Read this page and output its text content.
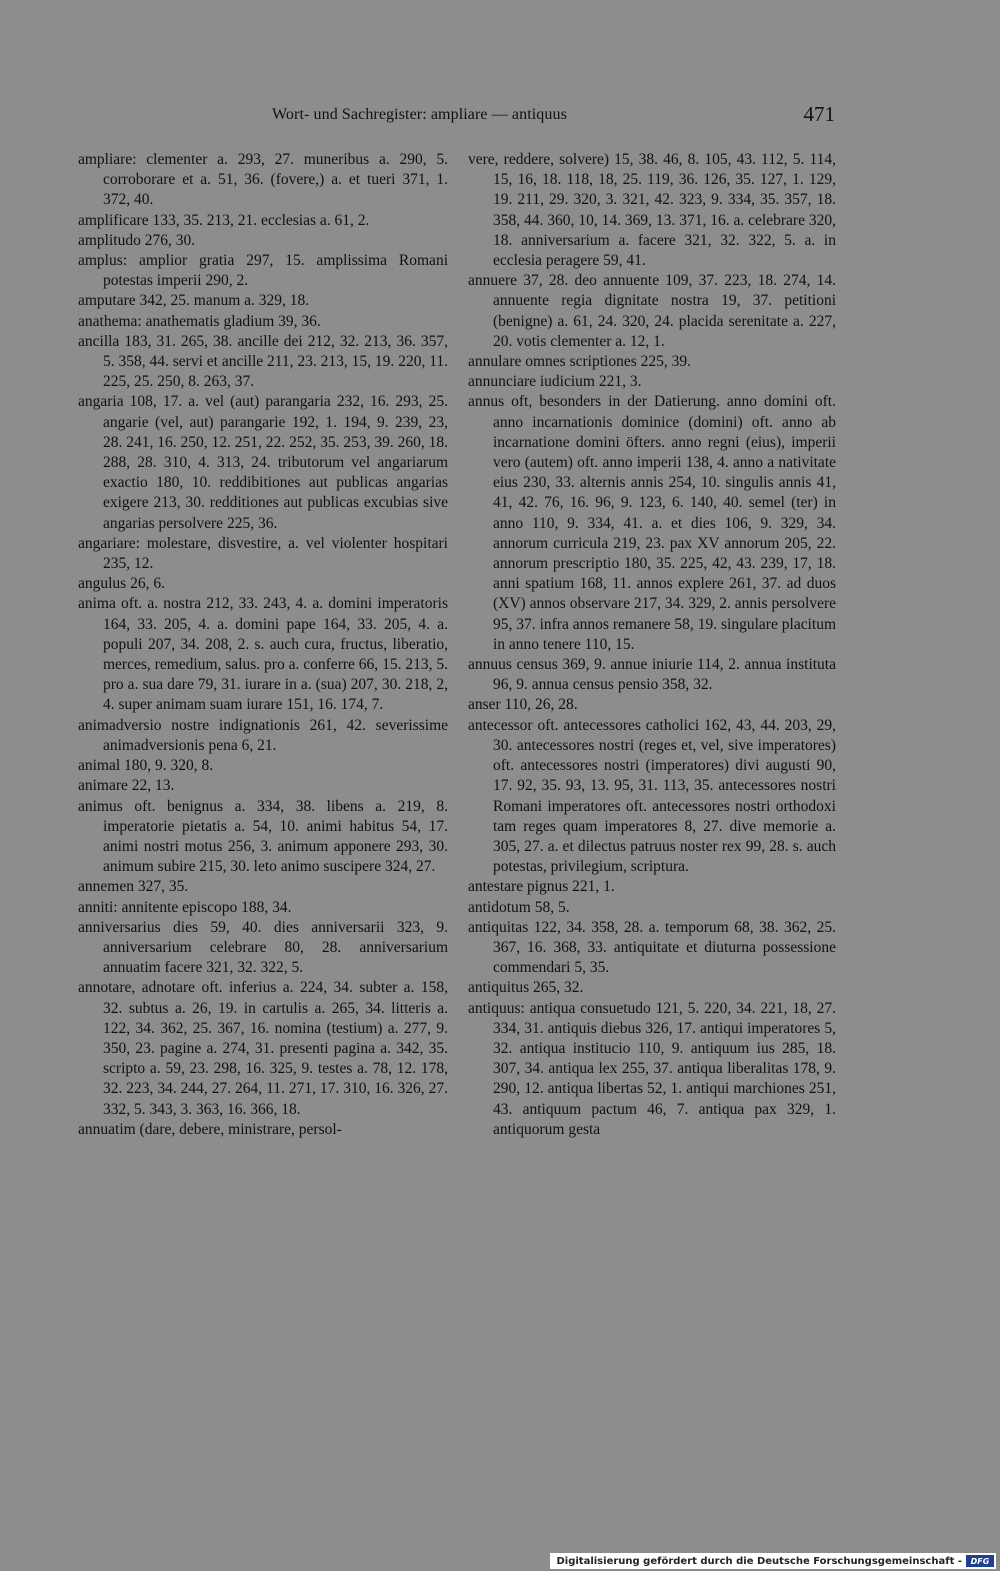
Wort- und Sachregister: ampliare — antiquus	471

ampliare: clementer a. 293, 27. muneribus a. 290, 5. corroborare et a. 51, 36. (fovere,) a. et tueri 371, 1. 372, 40.

amplificare 133, 35. 213, 21. ecclesias a. 61, 2.

amplitudo 276, 30.

amplus: amplior gratia 297, 15. amplissima Romani potestas imperii 290, 2.

amputare 342, 25. manum a. 329, 18.

anathema: anathematis gladium 39, 36.

ancilla 183, 31. 265, 38. ancille dei 212, 32. 213, 36. 357, 5. 358, 44. servi et ancille 211, 23. 213, 15, 19. 220, 11. 225, 25. 250, 8. 263, 37.

angaria 108, 17. a. vel (aut) parangaria 232, 16. 293, 25. angarie (vel, aut) parangarie 192, 1. 194, 9. 239, 23, 28. 241, 16. 250, 12. 251, 22. 252, 35. 253, 39. 260, 18. 288, 28. 310, 4. 313, 24. tributorum vel angariarum exactio 180, 10. reddibitiones aut publicas angarias exigere 213, 30. redditiones aut publicas excubias sive angarias persolvere 225, 36.

angariare: molestare, disvestire, a. vel violenter hospitari 235, 12.

angulus 26, 6.

anima oft. a. nostra 212, 33. 243, 4. a. domini imperatoris 164, 33. 205, 4. a. domini pape 164, 33. 205, 4. a. populi 207, 34. 208, 2. s. auch cura, fructus, liberatio, merces, remedium, salus. pro a. conferre 66, 15. 213, 5. pro a. sua dare 79, 31. iurare in a. (sua) 207, 30. 218, 2, 4. super animam suam iurare 151, 16. 174, 7.

animadversio nostre indignationis 261, 42. severissime animadversionis pena 6, 21.

animal 180, 9. 320, 8.

animare 22, 13.

animus oft. benignus a. 334, 38. libens a. 219, 8. imperatorie pietatis a. 54, 10. animi habitus 54, 17. animi nostri motus 256, 3. animum apponere 293, 30. animum subire 215, 30. leto animo suscipere 324, 27.

annemen 327, 35.

anniti: annitente episcopo 188, 34.

anniversarius dies 59, 40. dies anniversarii 323, 9. anniversarium celebrare 80, 28. anniversarium annuatim facere 321, 32. 322, 5.

annotare, adnotare oft. inferius a. 224, 34. subter a. 158, 32. subtus a. 26, 19. in cartulis a. 265, 34. litteris a. 122, 34. 362, 25. 367, 16. nomina (testium) a. 277, 9. 350, 23. pagine a. 274, 31. presenti pagina a. 342, 35. scripto a. 59, 23. 298, 16. 325, 9. testes a. 78, 12. 178, 32. 223, 34. 244, 27. 264, 11. 271, 17. 310, 16. 326, 27. 332, 5. 343, 3. 363, 16. 366, 18.

annuatim (dare, debere, ministrare, persol-

vere, reddere, solvere) 15, 38. 46, 8. 105, 43. 112, 5. 114, 15, 16, 18. 118, 18, 25. 119, 36. 126, 35. 127, 1. 129, 19. 211, 29. 320, 3. 321, 42. 323, 9. 334, 35. 357, 18. 358, 44. 360, 10, 14. 369, 13. 371, 16. a. celebrare 320, 18. anniversarium a. facere 321, 32. 322, 5. a. in ecclesia peragere 59, 41.

annuere 37, 28. deo annuente 109, 37. 223, 18. 274, 14. annuente regia dignitate nostra 19, 37. petitioni (benigne) a. 61, 24. 320, 24. placida serenitate a. 227, 20. votis clementer a. 12, 1.

annulare omnes scriptiones 225, 39.

annunciare iudicium 221, 3.

annus oft, besonders in der Datierung. anno domini oft. anno incarnationis dominice (domini) oft. anno ab incarnatione domini öfters. anno regni (eius), imperii vero (autem) oft. anno imperii 138, 4. anno a nativitate eius 230, 33. alternis annis 254, 10. singulis annis 41, 41, 42. 76, 16. 96, 9. 123, 6. 140, 40. semel (ter) in anno 110, 9. 334, 41. a. et dies 106, 9. 329, 34. annorum curricula 219, 23. pax XV annorum 205, 22. annorum prescriptio 180, 35. 225, 42, 43. 239, 17, 18. anni spatium 168, 11. annos explere 261, 37. ad duos (XV) annos observare 217, 34. 329, 2. annis persolvere 95, 37. infra annos remanere 58, 19. singulare placitum in anno tenere 110, 15.

annuus census 369, 9. annue iniurie 114, 2. annua instituta 96, 9. annua census pensio 358, 32.

anser 110, 26, 28.

antecessor oft. antecessores catholici 162, 43, 44. 203, 29, 30. antecessores nostri (reges et, vel, sive imperatores) oft. antecessores nostri (imperatores) divi augusti 90, 17. 92, 35. 93, 13. 95, 31. 113, 35. antecessores nostri Romani imperatores oft. antecessores nostri orthodoxi tam reges quam imperatores 8, 27. dive memorie a. 305, 27. a. et dilectus patruus noster rex 99, 28. s. auch potestas, privilegium, scriptura.

antestare pignus 221, 1.

antidotum 58, 5.

antiquitas 122, 34. 358, 28. a. temporum 68, 38. 362, 25. 367, 16. 368, 33. antiquitate et diuturna possessione commendari 5, 35.

antiquitus 265, 32.

antiquus: antiqua consuetudo 121, 5. 220, 34. 221, 18, 27. 334, 31. antiquis diebus 326, 17. antiqui imperatores 5, 32. antiqua institucio 110, 9. antiquum ius 285, 18. 307, 34. antiqua lex 255, 37. antiqua liberalitas 178, 9. 290, 12. antiqua libertas 52, 1. antiqui marchiones 251, 43. antiquum pactum 46, 7. antiqua pax 329, 1. antiquorum gesta

Digitalisierung gefördert durch die Deutsche Forschungsgemeinschaft -	DFG
